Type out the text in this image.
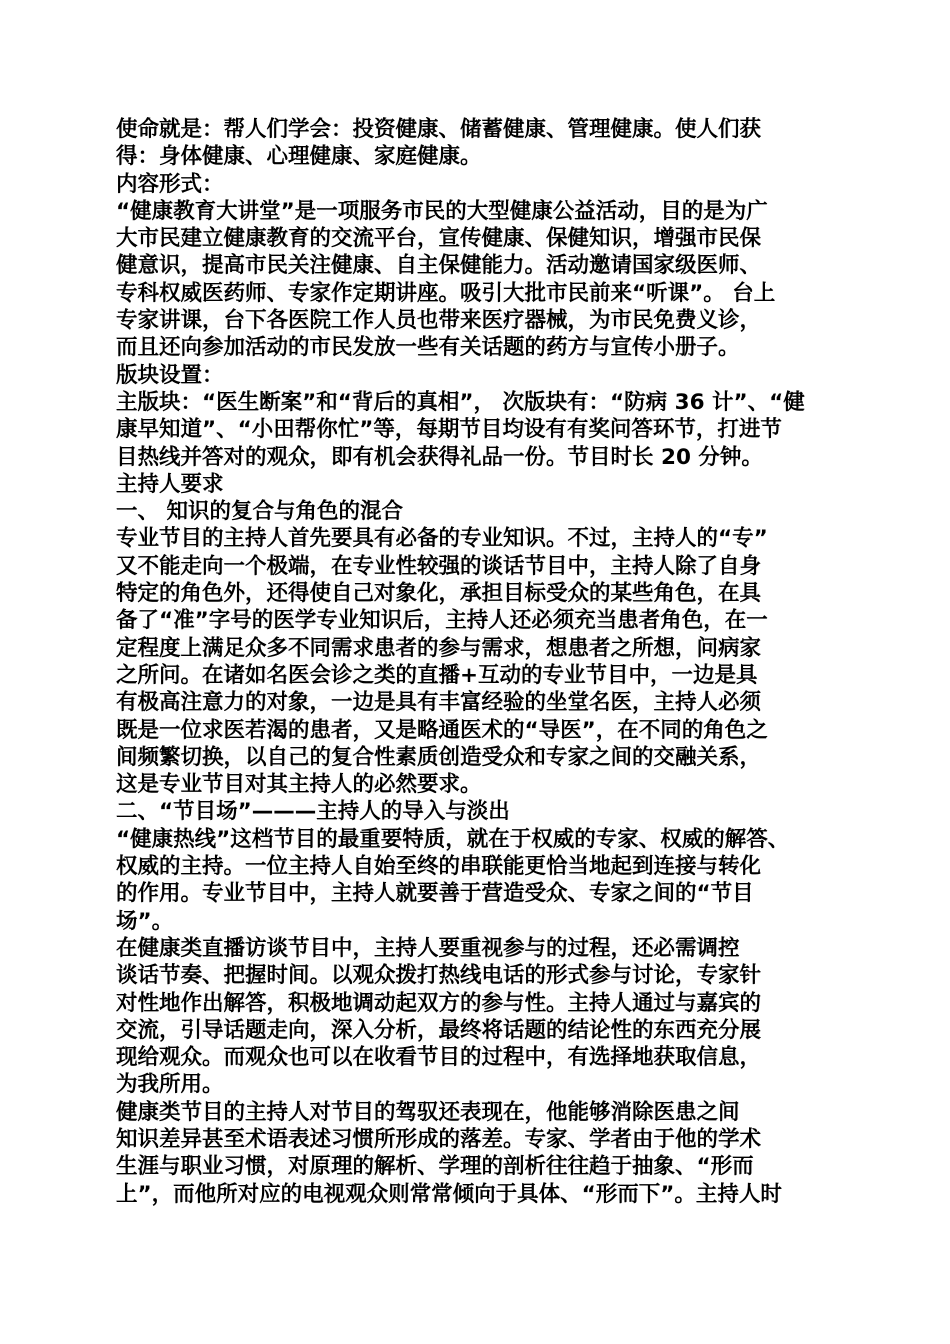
使命就是：帮人们学会：投资健康、储蓄健康、管理健康。使人们获
得：身体健康、心理健康、家庭健康。
内容形式：
“健康教育大讲堂”是一项服务市民的大型健康公益活动，目的是为广
大市民建立健康教育的交流平台，宣传健康、保健知识，增强市民保
健意识，提高市民关注健康、自主保健能力。活动邀请国家级医师、
专科权威医药师、专家作定期讲座。吸引大批市民前来“听课”。 台上
专家讲课，台下各医院工作人员也带来医疗器械，为市民免费义诊，
而且还向参加活动的市民发放一些有关话题的药方与宣传小册子。
版块设置：
主版块：“医生断案”和“背后的真相”， 次版块有：“防病 36 计”、“健
康早知道”、“小田帮你忙”等，每期节目均设有有奖问答环节，打进节
目热线并答对的观众，即有机会获得礼品一份。节目时长 20 分钟。
主持人要求
一、 知识的复合与角色的混合
专业节目的主持人首先要具有必备的专业知识。不过，主持人的“专”
又不能走向一个极端，在专业性较强的谈话节目中，主持人除了自身
特定的角色外，还得使自己对象化，承担目标受众的某些角色，在具
备了“准”字号的医学专业知识后，主持人还必须充当患者角色，在一
定程度上满足众多不同需求患者的参与需求，想患者之所想，问病家
之所问。在诸如名医会诊之类的直播+互动的专业节目中，一边是具
有极高注意力的对象，一边是具有丰富经验的坐堂名医，主持人必须
既是一位求医若渴的患者，又是略通医术的“导医”，在不同的角色之
间频繁切换，以自己的复合性素质创造受众和专家之间的交融关系，
这是专业节目对其主持人的必然要求。
二、“节目场”———主持人的导入与淡出
“健康热线”这档节目的最重要特质，就在于权威的专家、权威的解答、
权威的主持。一位主持人自始至终的串联能更恰当地起到连接与转化
的作用。专业节目中，主持人就要善于营造受众、专家之间的“节目
场”。
在健康类直播访谈节目中，主持人要重视参与的过程，还必需调控
谈话节奏、把握时间。以观众拨打热线电话的形式参与讨论，专家针
对性地作出解答，积极地调动起双方的参与性。主持人通过与嘉宾的
交流，引导话题走向，深入分析，最终将话题的结论性的东西充分展
现给观众。而观众也可以在收看节目的过程中，有选择地获取信息，
为我所用。
健康类节目的主持人对节目的驾驭还表现在，他能够消除医患之间
知识差异甚至术语表述习惯所形成的落差。专家、学者由于他的学术
生涯与职业习惯，对原理的解析、学理的剖析往往趋于抽象、“形而
上”，而他所对应的电视观众则常常倾向于具体、“形而下”。主持人时
